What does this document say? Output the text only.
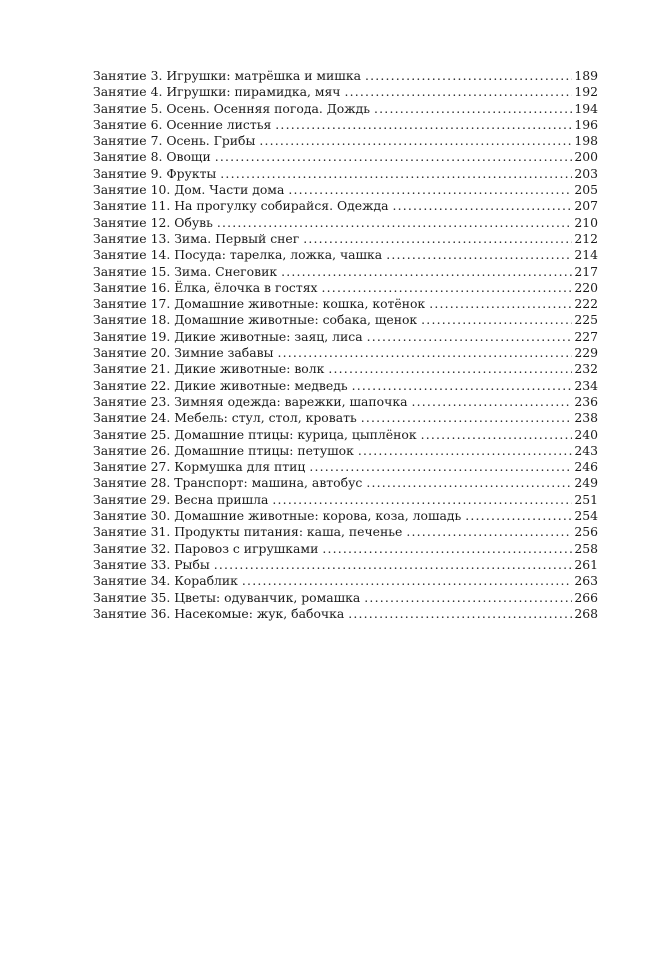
Занятие 3. Игрушки: матрёшка и мишка .....	189
Занятие 4. Игрушки: пирамидка, мяч .....	192
Занятие 5. Осень. Осенняя погода. Дождь .....	194
Занятие 6. Осенние листья .....	196
Занятие 7. Осень. Грибы .....	198
Занятие 8. Овощи .....	200
Занятие 9. Фрукты .....	203
Занятие 10. Дом. Части дома .....	205
Занятие 11. На прогулку собирайся. Одежда .....	207
Занятие 12. Обувь .....	210
Занятие 13. Зима. Первый снег .....	212
Занятие 14. Посуда: тарелка, ложка, чашка .....	214
Занятие 15. Зима. Снеговик .....	217
Занятие 16. Ёлка, ёлочка в гостях .....	220
Занятие 17. Домашние животные: кошка, котёнок .....	222
Занятие 18. Домашние животные: собака, щенок .....	225
Занятие 19. Дикие животные: заяц, лиса .....	227
Занятие 20. Зимние забавы .....	229
Занятие 21. Дикие животные: волк .....	232
Занятие 22. Дикие животные: медведь .....	234
Занятие 23. Зимняя одежда: варежки, шапочка .....	236
Занятие 24. Мебель: стул, стол, кровать .....	238
Занятие 25. Домашние птицы: курица, цыплёнок .....	240
Занятие 26. Домашние птицы: петушок .....	243
Занятие 27. Кормушка для птиц .....	246
Занятие 28. Транспорт: машина, автобус .....	249
Занятие 29. Весна пришла .....	251
Занятие 30. Домашние животные: корова, коза, лошадь .....	254
Занятие 31. Продукты питания: каша, печенье .....	256
Занятие 32. Паровоз с игрушками .....	258
Занятие 33. Рыбы .....	261
Занятие 34. Кораблик .....	263
Занятие 35. Цветы: одуванчик, ромашка .....	266
Занятие 36. Насекомые: жук, бабочка .....	268
